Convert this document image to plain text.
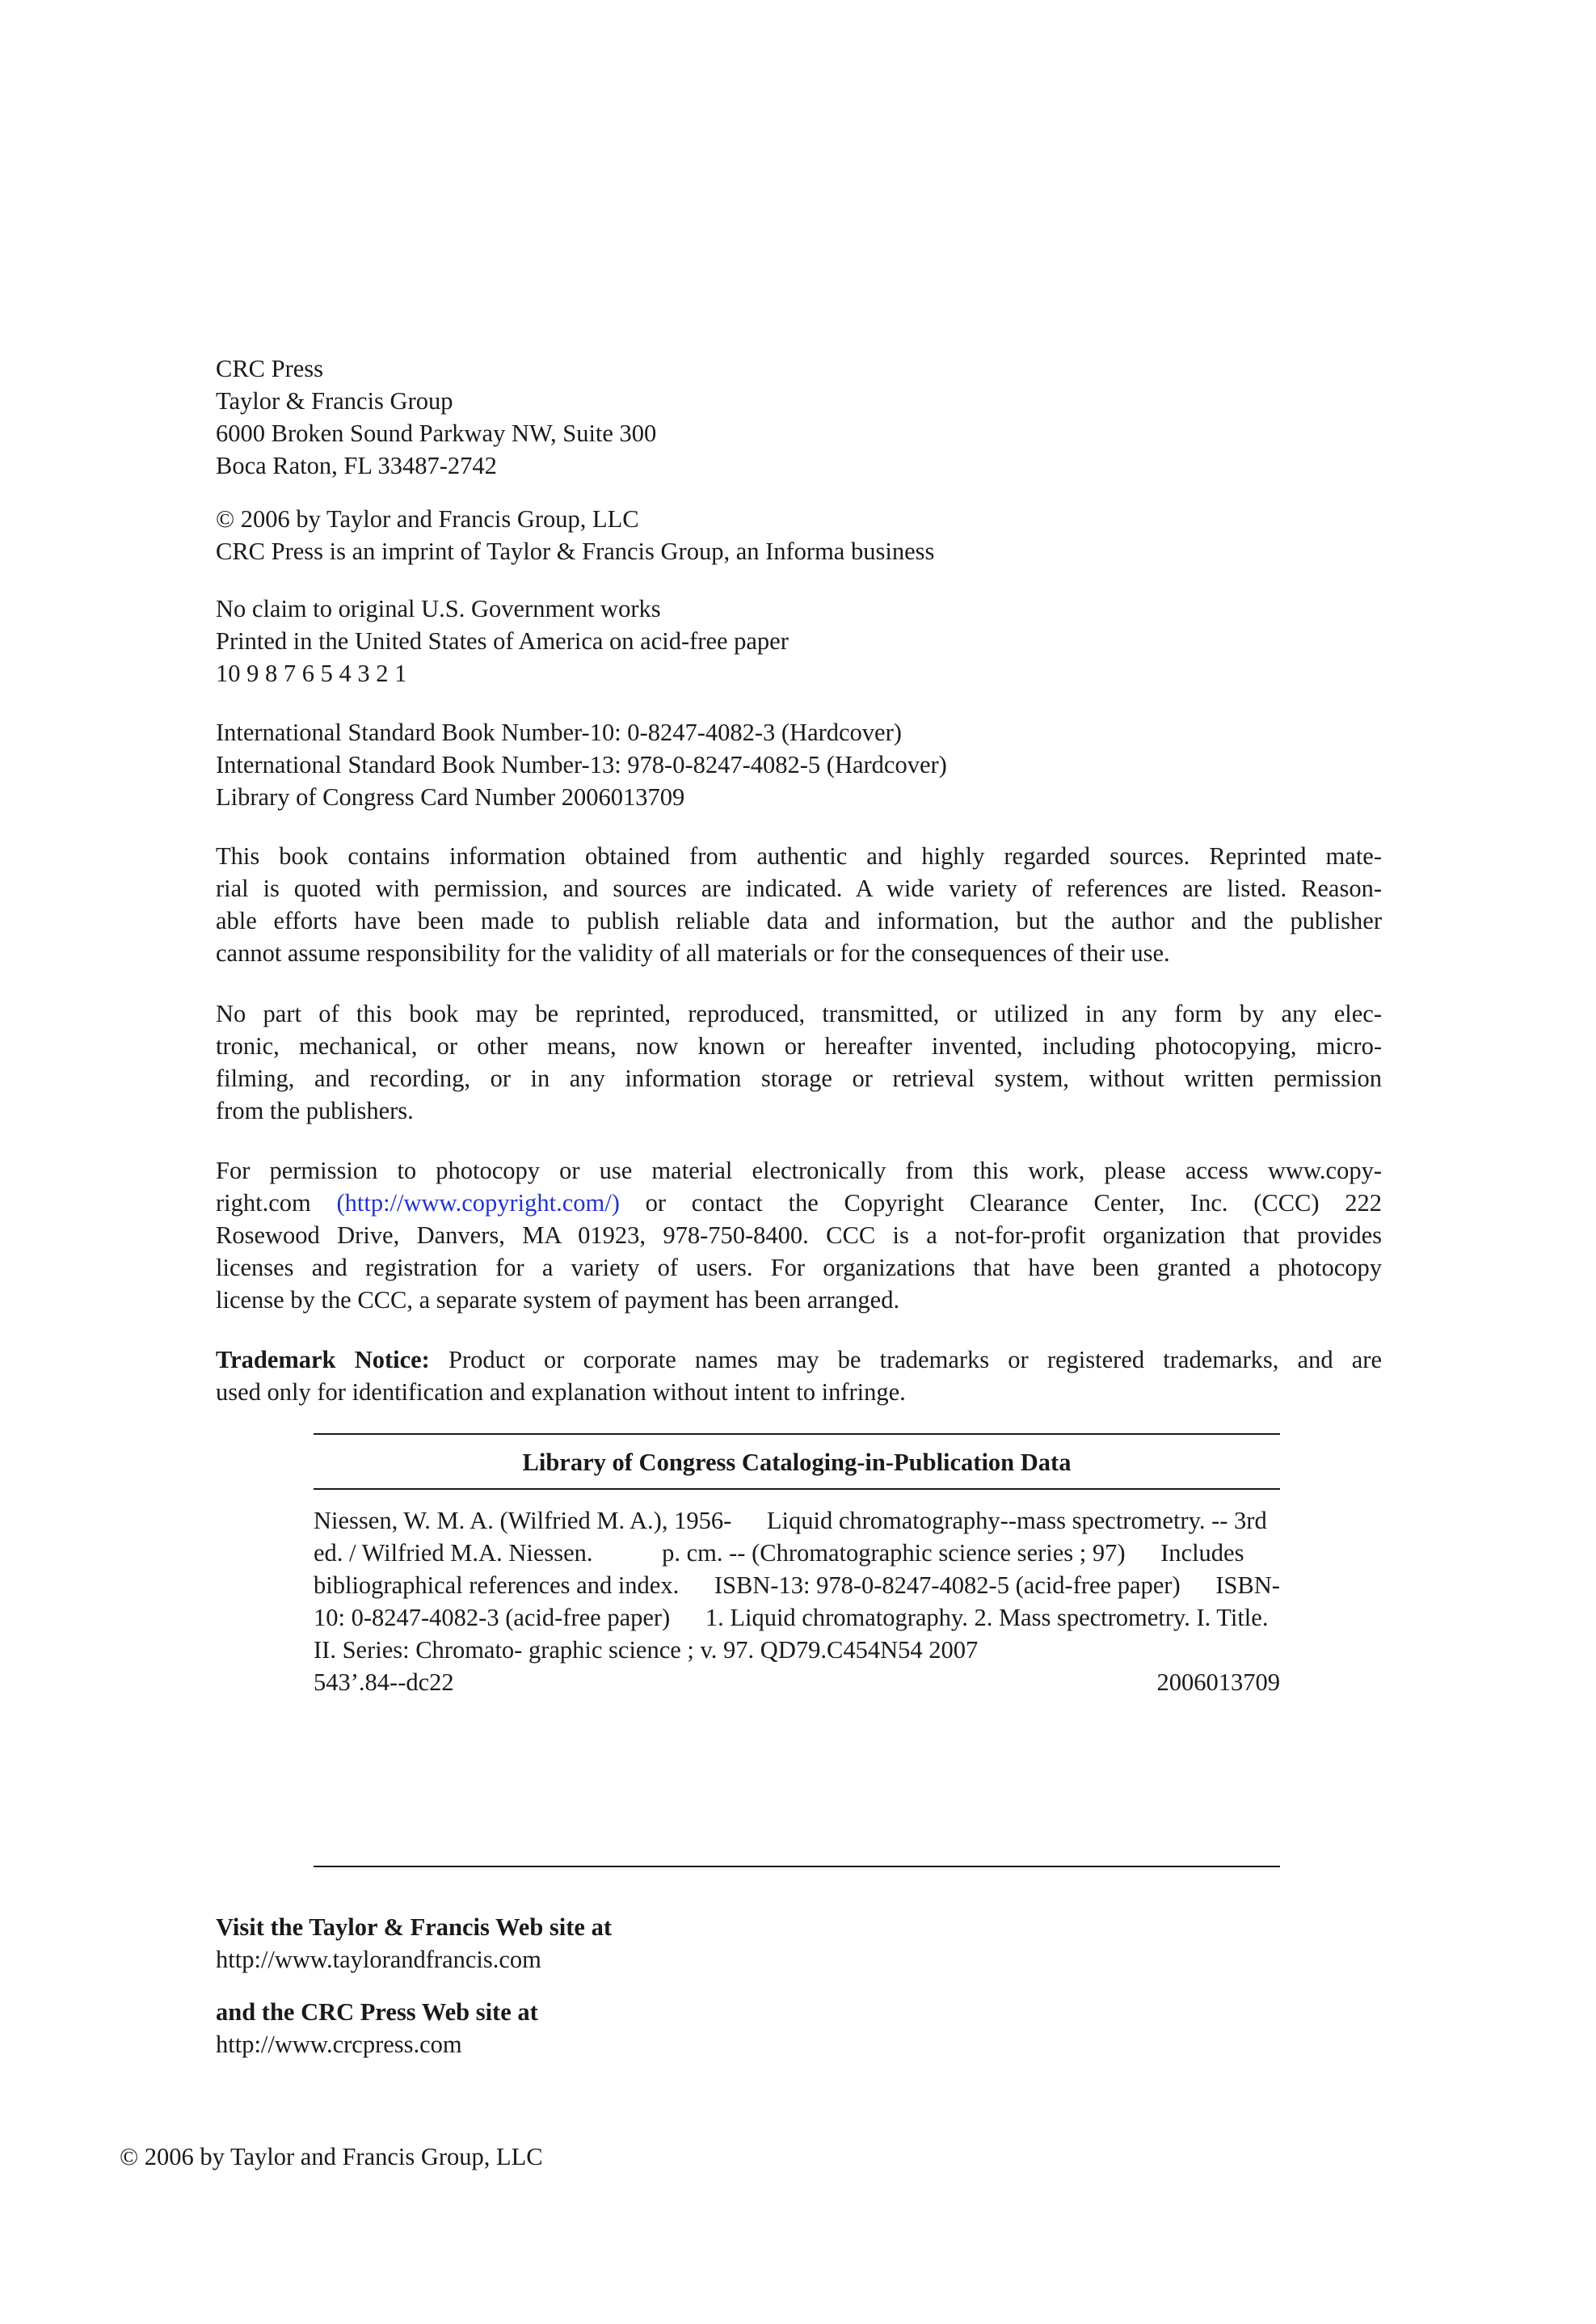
CRC Press
Taylor & Francis Group
6000 Broken Sound Parkway NW, Suite 300
Boca Raton, FL 33487-2742
© 2006 by Taylor and Francis Group, LLC
CRC Press is an imprint of Taylor & Francis Group, an Informa business
No claim to original U.S. Government works
Printed in the United States of America on acid-free paper
10 9 8 7 6 5 4 3 2 1
International Standard Book Number-10: 0-8247-4082-3 (Hardcover)
International Standard Book Number-13: 978-0-8247-4082-5 (Hardcover)
Library of Congress Card Number 2006013709
This book contains information obtained from authentic and highly regarded sources. Reprinted mate-
rial is quoted with permission, and sources are indicated. A wide variety of references are listed. Reason-
able efforts have been made to publish reliable data and information, but the author and the publisher
cannot assume responsibility for the validity of all materials or for the consequences of their use.
No part of this book may be reprinted, reproduced, transmitted, or utilized in any form by any elec-
tronic, mechanical, or other means, now known or hereafter invented, including photocopying, micro-
filming, and recording, or in any information storage or retrieval system, without written permission
from the publishers.
For permission to photocopy or use material electronically from this work, please access www.copy-
right.com (http://www.copyright.com/) or contact the Copyright Clearance Center, Inc. (CCC) 222
Rosewood Drive, Danvers, MA 01923, 978-750-8400. CCC is a not-for-profit organization that provides
licenses and registration for a variety of users. For organizations that have been granted a photocopy
license by the CCC, a separate system of payment has been arranged.
Trademark Notice: Product or corporate names may be trademarks or registered trademarks, and are
used only for identification and explanation without intent to infringe.
Library of Congress Cataloging-in-Publication Data
Niessen, W. M. A. (Wilfried M. A.), 1956- Liquid chromatography--mass spectrometry. -- 3rd ed. / Wilfried M.A. Niessen.	p. cm. -- (Chromatographic science series ; 97) Includes bibliographical references and index. ISBN-13: 978-0-8247-4082-5 (acid-free paper) ISBN-10: 0-8247-4082-3 (acid-free paper) 1. Liquid chromatography. 2. Mass spectrometry. I. Title. II. Series: Chromato- graphic science ; v. 97. QD79.C454N54 2007
543’.84--dc22	2006013709
Visit the Taylor & Francis Web site at
http://www.taylorandfrancis.com
and the CRC Press Web site at
http://www.crcpress.com
© 2006 by Taylor and Francis Group, LLC
